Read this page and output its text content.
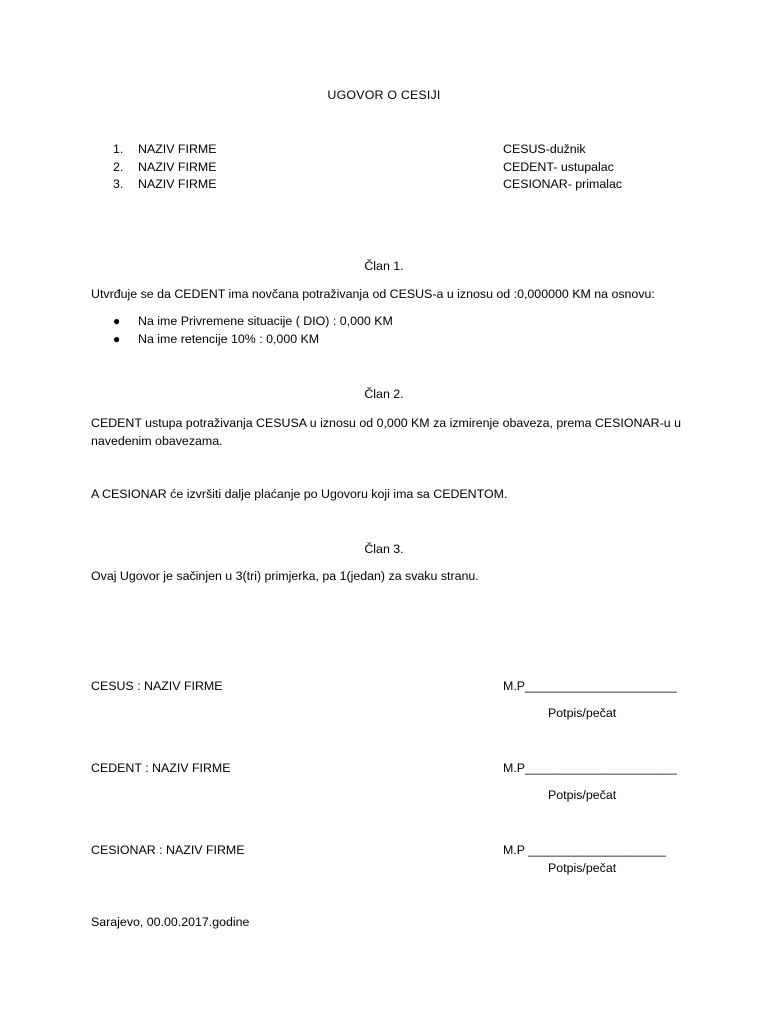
UGOVOR O CESIJI
1. NAZIV FIRME	CESUS-dužnik
2. NAZIV FIRME	CEDENT- ustupalac
3. NAZIV FIRME	CESIONAR- primalac
Član 1.
Utvrđuje se da CEDENT ima novčana potraživanja od CESUS-a u iznosu od :0,000000 KM na osnovu:
● Na ime Privremene situacije ( DIO) : 0,000 KM
● Na ime retencije 10% : 0,000 KM
Član 2.
CEDENT ustupa potraživanja CESUSA u iznosu od 0,000 KM za izmirenje obaveza, prema CESIONAR-u u navedenim obavezama.
A CESIONAR će izvršiti dalje plaćanje po Ugovoru koji ima sa CEDENTOM.
Član 3.
Ovaj Ugovor je sačinjen u 3(tri) primjerka, pa 1(jedan) za svaku stranu.
CESUS : NAZIV FIRME	M.P______________________
Potpis/pečat
CEDENT : NAZIV FIRME	M.P______________________
Potpis/pečat
CESIONAR : NAZIV FIRME	M.P ____________________
Potpis/pečat
Sarajevo, 00.00.2017.godine
